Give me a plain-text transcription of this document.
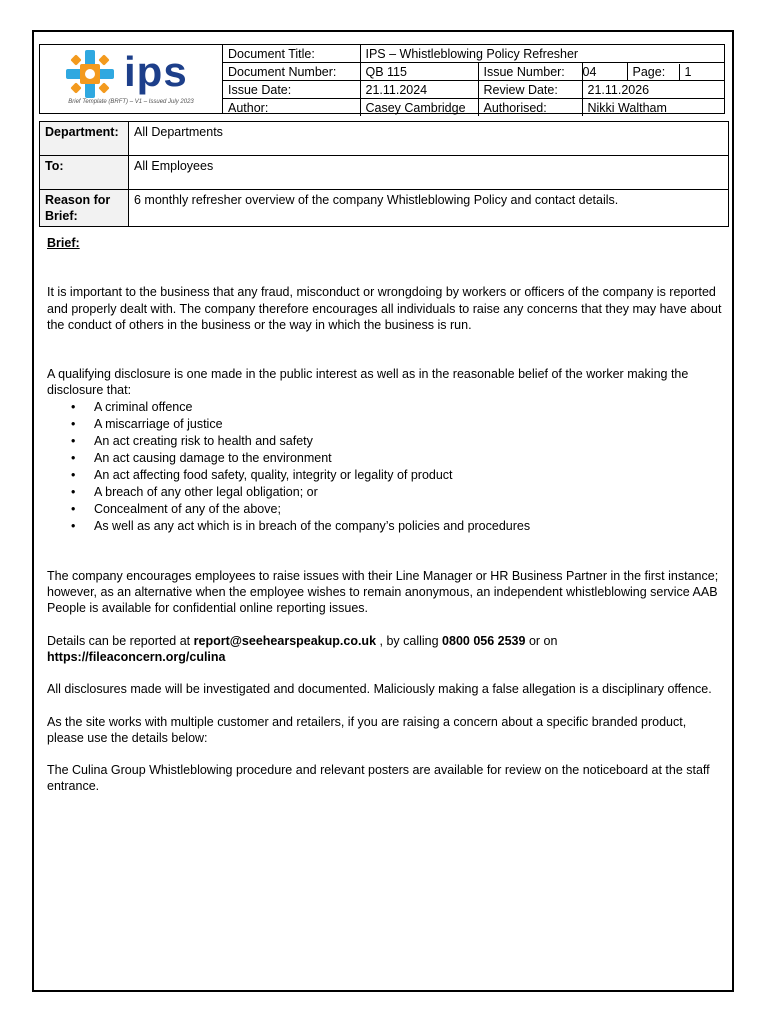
ips
Brief Template (BRFT) – V1 – Issued July 2023
Document Title:	IPS – Whistleblowing Policy Refresher			
Document Number:	QB 115	Issue Number:	04	Page: 1
Issue Date:	21.11.2024	Review Date:	21.11.2026	
Author:	Casey Cambridge	Authorised:	Nikki Waltham	
Department:	All Departments
To:	All Employees
Reason for Brief:	6 monthly refresher overview of the company Whistleblowing Policy and contact details.

Brief:

It is important to the business that any fraud, misconduct or wrongdoing by workers or officers of the company is reported and properly dealt with. The company therefore encourages all individuals to raise any concerns that they may have about the conduct of others in the business or the way in which the business is run.

A qualifying disclosure is one made in the public interest as well as in the reasonable belief of the worker making the disclosure that:

• A criminal offence
• A miscarriage of justice
• An act creating risk to health and safety
• An act causing damage to the environment
• An act affecting food safety, quality, integrity or legality of product
• A breach of any other legal obligation; or
• Concealment of any of the above;
• As well as any act which is in breach of the company’s policies and procedures

The company encourages employees to raise issues with their Line Manager or HR Business Partner in the first instance; however, as an alternative when the employee wishes to remain anonymous, an independent whistleblowing service AAB People is available for confidential online reporting issues.

Details can be reported at report@seehearspeakup.co.uk , by calling 0800 056 2539 or on
https://fileaconcern.org/culina

All disclosures made will be investigated and documented. Maliciously making a false allegation is a disciplinary offence.

As the site works with multiple customer and retailers, if you are raising a concern about a specific branded product, please use the details below:

The Culina Group Whistleblowing procedure and relevant posters are available for review on the noticeboard at the staff entrance.
